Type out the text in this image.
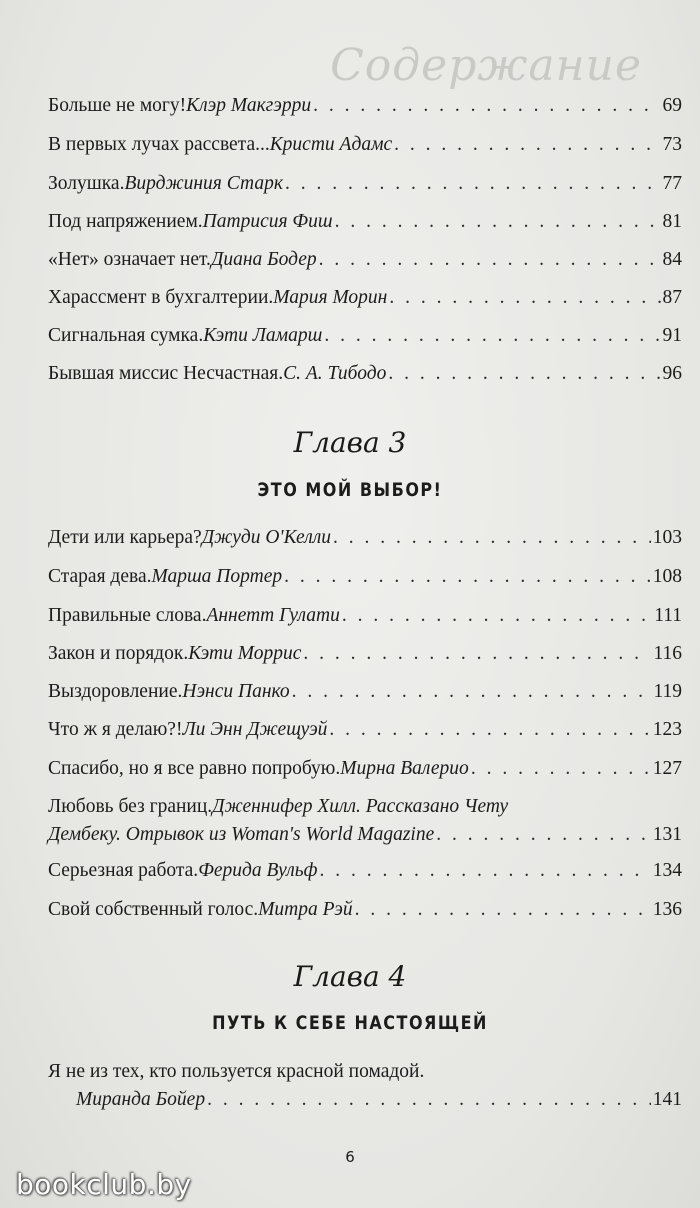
Содержание
Больше не могу! Клэр Макгэрри . . .	69
В первых лучах рассвета... Кристи Адамс . . .	73
Золушка. Вирджиния Старк . . .	77
Под напряжением. Патрисия Фиш . . .	81
«Нет» означает нет. Диана Бодер . . .	84
Харассмент в бухгалтерии. Мария Морин . . .	87
Сигнальная сумка. Кэти Ламарш . . .	91
Бывшая миссис Несчастная. С. А. Тибодо . . .	96
Глава 3
ЭТО МОЙ ВЫБОР!
Дети или карьера? Джуди О'Келли . . .	103
Старая дева. Марша Портер . . .	108
Правильные слова. Аннетт Гулати . . .	111
Закон и порядок. Кэти Моррис . . .	116
Выздоровление. Нэнси Панко . . .	119
Что ж я делаю?! Ли Энн Джещуэй . . .	123
Спасибо, но я все равно попробую. Мирна Валерио . . .	127
Любовь без границ. Дженнифер Хилл. Рассказано Чету
Дембеку. Отрывок из Woman's World Magazine . . .	131
Серьезная работа. Ферида Вульф . . .	134
Свой собственный голос. Митра Рэй . . .	136
Глава 4
ПУТЬ К СЕБЕ НАСТОЯЩЕЙ
Я не из тех, кто пользуется красной помадой.
Миранда Бойер . . .	141
6
bookclub.by
